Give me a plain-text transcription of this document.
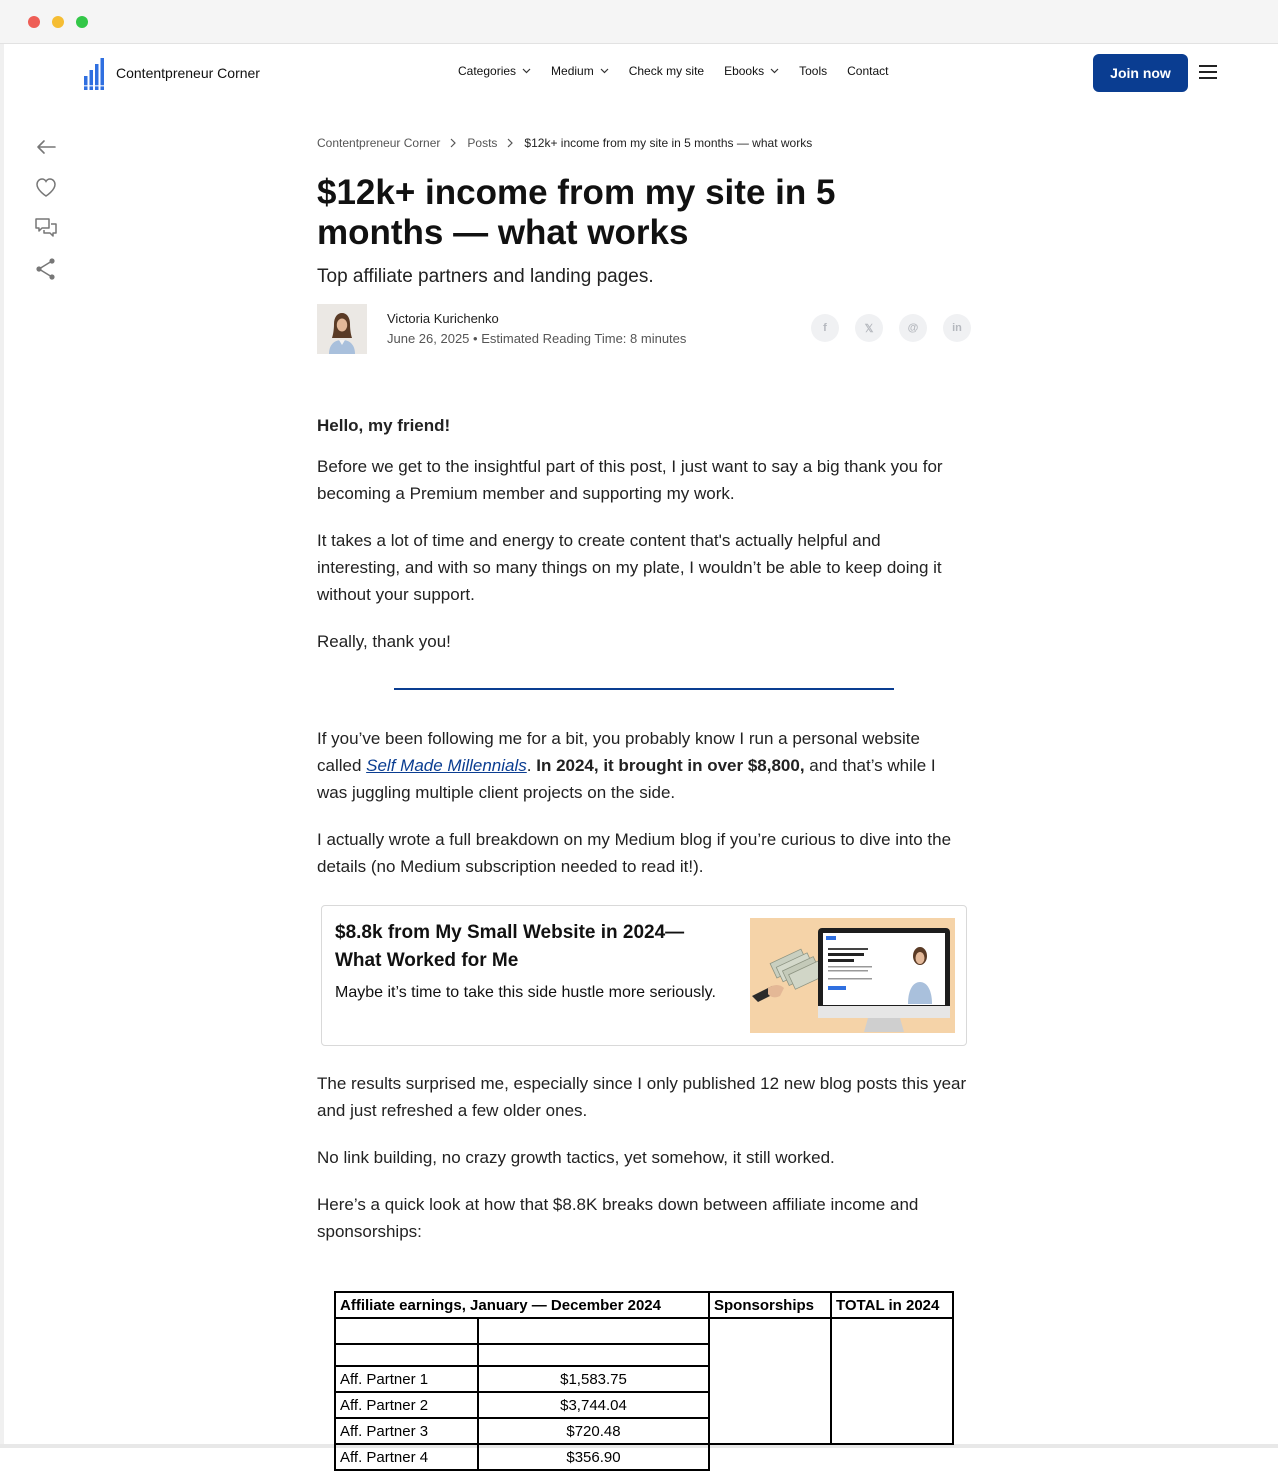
Contentpreneur Corner	Categories	Medium	Check my site Ebooks	Tools Contact	Join now
Contentpreneur Corner Posts $12k+ income from my site in 5 months — what works
$12k+ income from my site in 5 months — what works
Top affiliate partners and landing pages.
Victoria Kurichenko
June 26, 2025 • Estimated Reading Time: 8 minutes
f	𝕏	@	in
Hello, my friend!

Before we get to the insightful part of this post, I just want to say a big thank you for becoming a Premium member and supporting my work.

It takes a lot of time and energy to create content that's actually helpful and interesting, and with so many things on my plate, I wouldn’t be able to keep doing it without your support.

Really, thank you!

If you’ve been following me for a bit, you probably know I run a personal website called Self Made Millennials. In 2024, it brought in over $8,800, and that’s while I was juggling multiple client projects on the side.

I actually wrote a full breakdown on my Medium blog if you’re curious to dive into the details (no Medium subscription needed to read it!).

$8.8k from My Small Website in 2024— What Worked for Me
Maybe it’s time to take this side hustle more seriously.

The results surprised me, especially since I only published 12 new blog posts this year and just refreshed a few older ones.

No link building, no crazy growth tactics, yet somehow, it still worked.

Here’s a quick look at how that $8.8K breaks down between affiliate income and sponsorships:

Affiliate earnings, January — December 2024		Sponsorships	TOTAL in 2024

Aff. Partner 1	$1,583.75		
Aff. Partner 2	$3,744.04		
Aff. Partner 3	$720.48		
Aff. Partner 4	$356.90		
